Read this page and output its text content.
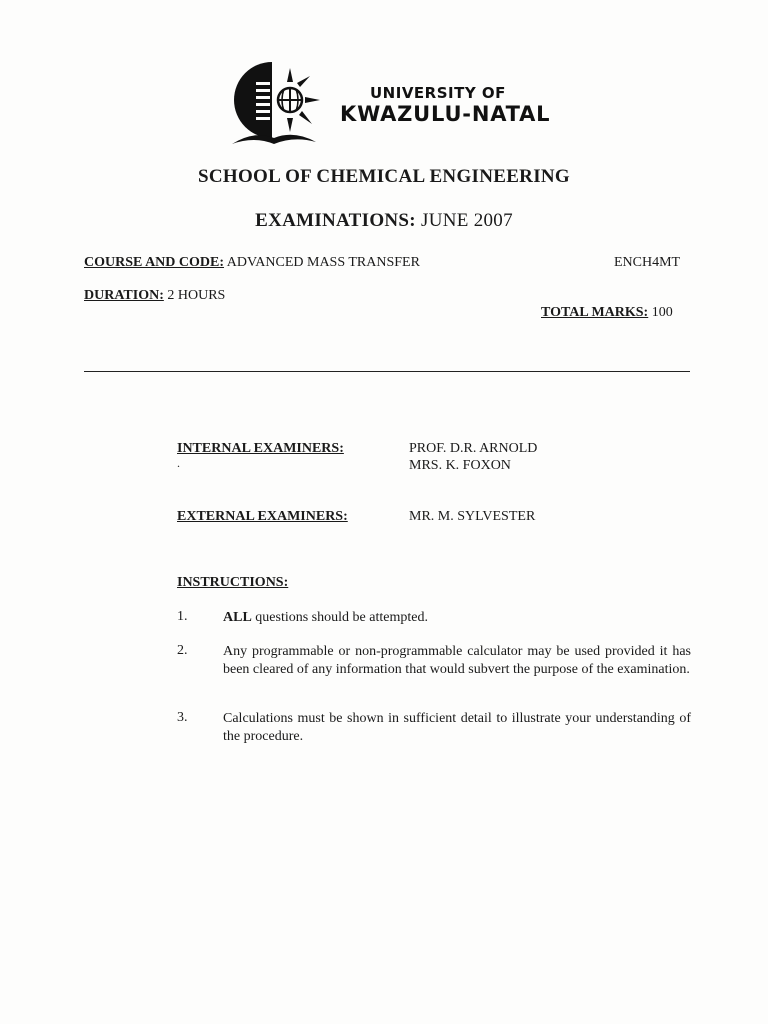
UNIVERSITY OF
KWAZULU-NATAL
SCHOOL OF CHEMICAL ENGINEERING
EXAMINATIONS: JUNE 2007
COURSE AND CODE: ADVANCED MASS TRANSFER	ENCH4MT
DURATION: 2 HOURS
TOTAL MARKS: 100
INTERNAL EXAMINERS:
.
PROF. D.R. ARNOLD
MRS. K. FOXON
EXTERNAL EXAMINERS:	MR. M. SYLVESTER
INSTRUCTIONS:
1.	ALL questions should be attempted.
2.	Any programmable or non-programmable calculator may be used provided it has been cleared of any information that would subvert the purpose of the examination.
3.	Calculations must be shown in sufficient detail to illustrate your understanding of the procedure.
